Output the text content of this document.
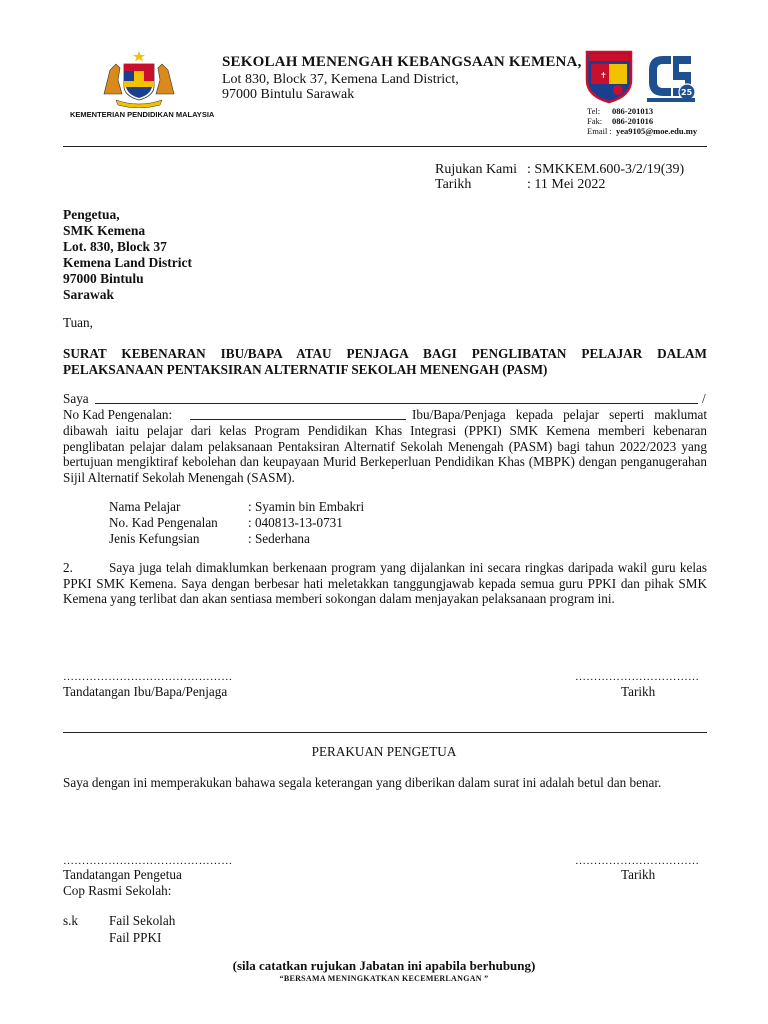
KEMENTERIAN PENDIDIKAN MALAYSIA
SEKOLAH MENENGAH KEBANGSAAN KEMENA,
Lot 830, Block 37, Kemena Land District,
97000 Bintulu Sarawak
✝
25
Tel: 086-201013
Fak: 086-201016
Email : yea9105@moe.edu.my
Rujukan Kami : SMKKEM.600-3/2/19(39)
Tarikh	: 11 Mei 2022
Pengetua,
SMK Kemena
Lot. 830, Block 37
Kemena Land District
97000 Bintulu
Sarawak
Tuan,
SURAT KEBENARAN IBU/BAPA ATAU PENJAGA BAGI PENGLIBATAN PELAJAR DALAM PELAKSANAAN PENTAKSIRAN ALTERNATIF SEKOLAH MENENGAH (PASM)
Saya	/
No Kad Pengenalan:	Ibu/Bapa/Penjaga kepada pelajar seperti maklumat
dibawah iaitu pelajar dari kelas Program Pendidikan Khas Integrasi (PPKI) SMK Kemena memberi kebenaran penglibatan pelajar dalam pelaksanaan Pentaksiran Alternatif Sekolah Menengah (PASM) bagi tahun 2022/2023 yang bertujuan mengiktiraf kebolehan dan keupayaan Murid Berkeperluan Pendidikan Khas (MBPK) dengan penganugerahan Sijil Alternatif Sekolah Menengah (SASM).
Nama Pelajar	: Syamin bin Embakri
No. Kad Pengenalan : 040813-13-0731
Jenis Kefungsian	: Sederhana
2.	Saya juga telah dimaklumkan berkenaan program yang dijalankan ini secara ringkas daripada wakil guru kelas PPKI SMK Kemena. Saya dengan berbesar hati meletakkan tanggungjawab kepada semua guru PPKI dan pihak SMK Kemena yang terlibat dan akan sentiasa memberi sokongan dalam menjayakan pelaksanaan program ini.
………………………………………	……………………………
Tandatangan Ibu/Bapa/Penjaga	Tarikh
PERAKUAN PENGETUA
Saya dengan ini memperakukan bahawa segala keterangan yang diberikan dalam surat ini adalah betul dan benar.
………………………………………	……………………………
Tandatangan Pengetua	Tarikh
Cop Rasmi Sekolah:
s.k Fail Sekolah
Fail PPKI
(sila catatkan rujukan Jabatan ini apabila berhubung)
“BERSAMA MENINGKATKAN KECEMERLANGAN ”
